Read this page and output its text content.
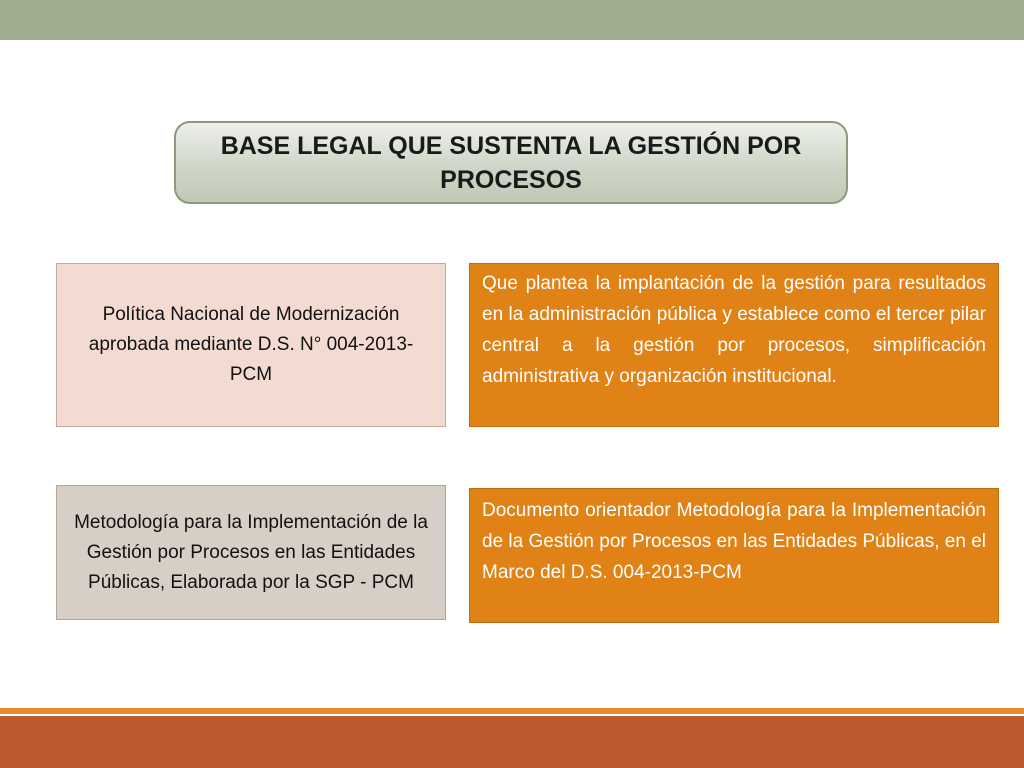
BASE LEGAL QUE SUSTENTA LA GESTIÓN POR PROCESOS
Política Nacional de Modernización aprobada mediante D.S. N° 004-2013-PCM
Que plantea la implantación de la gestión para resultados en la administración pública y establece como el tercer pilar central a la gestión por procesos, simplificación administrativa y organización institucional.
Metodología para la Implementación de la Gestión por Procesos en las Entidades Públicas, Elaborada por la SGP - PCM
Documento orientador Metodología para la Implementación de la Gestión por Procesos en las Entidades Públicas, en el Marco del D.S. 004-2013-PCM
